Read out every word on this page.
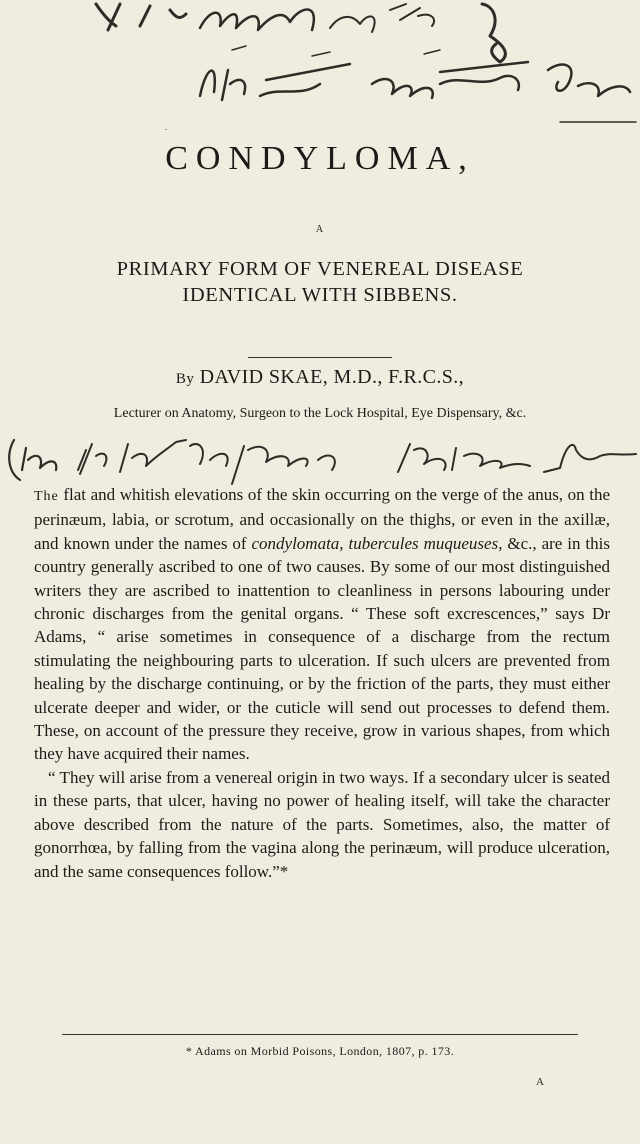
CONDYLOMA,
A
PRIMARY FORM OF VENEREAL DISEASE
IDENTICAL WITH SIBBENS.
By DAVID SKAE, M.D., F.R.C.S.,
Lecturer on Anatomy, Surgeon to the Lock Hospital, Eye Dispensary, &c.

The flat and whitish elevations of the skin occurring on the verge of the anus, on the perinæum, labia, or scrotum, and occasionally on the thighs, or even in the axillæ, and known under the names of condylomata, tubercules muqueuses, &c., are in this country generally ascribed to one of two causes. By some of our most distinguished writers they are ascribed to inattention to cleanliness in persons labouring under chronic discharges from the genital organs. “ These soft excrescences,” says Dr Adams, “ arise sometimes in consequence of a discharge from the rectum stimulating the neighbouring parts to ulceration. If such ulcers are prevented from healing by the discharge continuing, or by the friction of the parts, they must either ulcerate deeper and wider, or the cuticle will send out processes to defend them. These, on account of the pressure they receive, grow in various shapes, from which they have acquired their names.

“ They will arise from a venereal origin in two ways. If a secondary ulcer is seated in these parts, that ulcer, having no power of healing itself, will take the character above described from the nature of the parts. Sometimes, also, the matter of gonorrhœa, by falling from the vagina along the perinæum, will produce ulceration, and the same consequences follow.”*

* Adams on Morbid Poisons, London, 1807, p. 173.
A
